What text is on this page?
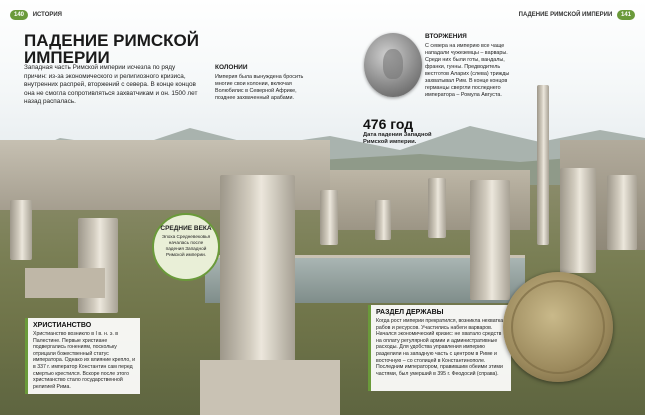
140 ИСТОРИЯ	ПАДЕНИЕ РИМСКОЙ ИМПЕРИИ 141
ПАДЕНИЕ РИМСКОЙ ИМПЕРИИ
Западная часть Римской империи исчезла по ряду причин: из-за экономического и религиозного кризиса, внутренних распрей, вторжений с севера. В конце концов она не смогла сопротивляться захватчикам и он. 1500 лет назад распалась.
КОЛОНИИ
Империя была вынуждена бросить многие свои колонии, включая Волюбилис в Северной Африке, позднее захваченный арабами.
ВТОРЖЕНИЯ
С севера на империю все чаще нападали чужеземцы – варвары. Среди них были готы, вандалы, франки, гунны. Предводитель вестготов Аларих (слева) трижды захватывал Рим. В конце концов германцы свергли последнего императора – Ромула Августа.
476 год
Дата падения Западной Римской империи.
СРЕДНИЕ ВЕКА
Эпоха Средневековья началась после падения Западной Римской империи.
ХРИСТИАНСТВО
Христианство возникло в I в. н. э. в Палестине. Первые христиане подвергались гонениям, поскольку отрицали божественный статус императора. Однако их влияние крепло, и в 337 г. император Константин сам перед смертью крестился. Вскоре после этого христианство стало государственной религией Рима.
РАЗДЕЛ ДЕРЖАВЫ
Когда рост империи прекратился, возникла нехватка рабов и ресурсов. Участились набеги варваров. Начался экономический кризис: не хватало средств на оплату регулярной армии и административные расходы. Для удобства управления империю разделили на западную часть с центром в Риме и восточную – со столицей в Константинополе. Последним императором, правившим обеими этими частями, был умерший в 395 г. Феодосий (справа).
